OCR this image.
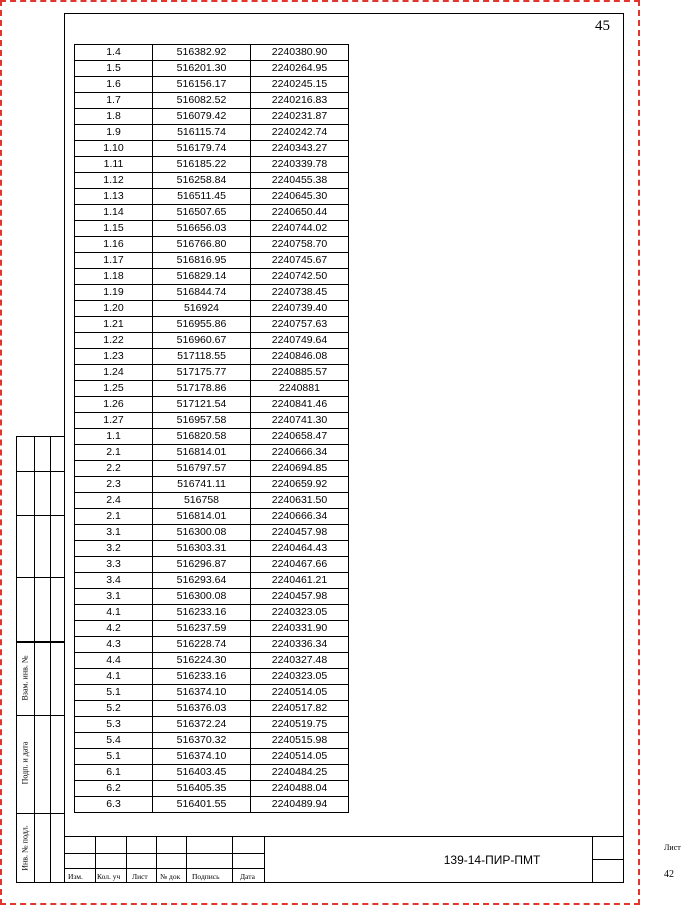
45
1.4	516382.92	2240380.90
1.5	516201.30	2240264.95
1.6	516156.17	2240245.15
1.7	516082.52	2240216.83
1.8	516079.42	2240231.87
1.9	516115.74	2240242.74
1.10	516179.74	2240343.27
1.11	516185.22	2240339.78
1.12	516258.84	2240455.38
1.13	516511.45	2240645.30
1.14	516507.65	2240650.44
1.15	516656.03	2240744.02
1.16	516766.80	2240758.70
1.17	516816.95	2240745.67
1.18	516829.14	2240742.50
1.19	516844.74	2240738.45
1.20	516924	2240739.40
1.21	516955.86	2240757.63
1.22	516960.67	2240749.64
1.23	517118.55	2240846.08
1.24	517175.77	2240885.57
1.25	517178.86	2240881
1.26	517121.54	2240841.46
1.27	516957.58	2240741.30
1.1	516820.58	2240658.47
2.1	516814.01	2240666.34
2.2	516797.57	2240694.85
2.3	516741.11	2240659.92
2.4	516758	2240631.50
2.1	516814.01	2240666.34
3.1	516300.08	2240457.98
3.2	516303.31	2240464.43
3.3	516296.87	2240467.66
3.4	516293.64	2240461.21
3.1	516300.08	2240457.98
4.1	516233.16	2240323.05
4.2	516237.59	2240331.90
4.3	516228.74	2240336.34
4.4	516224.30	2240327.48
4.1	516233.16	2240323.05
5.1	516374.10	2240514.05
5.2	516376.03	2240517.82
5.3	516372.24	2240519.75
5.4	516370.32	2240515.98
5.1	516374.10	2240514.05
6.1	516403.45	2240484.25
6.2	516405.35	2240488.04
6.3	516401.55	2240489.94
Взам. инв. №
Подп. и дата
Инв. № подл.
Изм. Кол. уч Лист № док Подпись	Дата
139-14-ПИР-ПМТ
Лист
42
